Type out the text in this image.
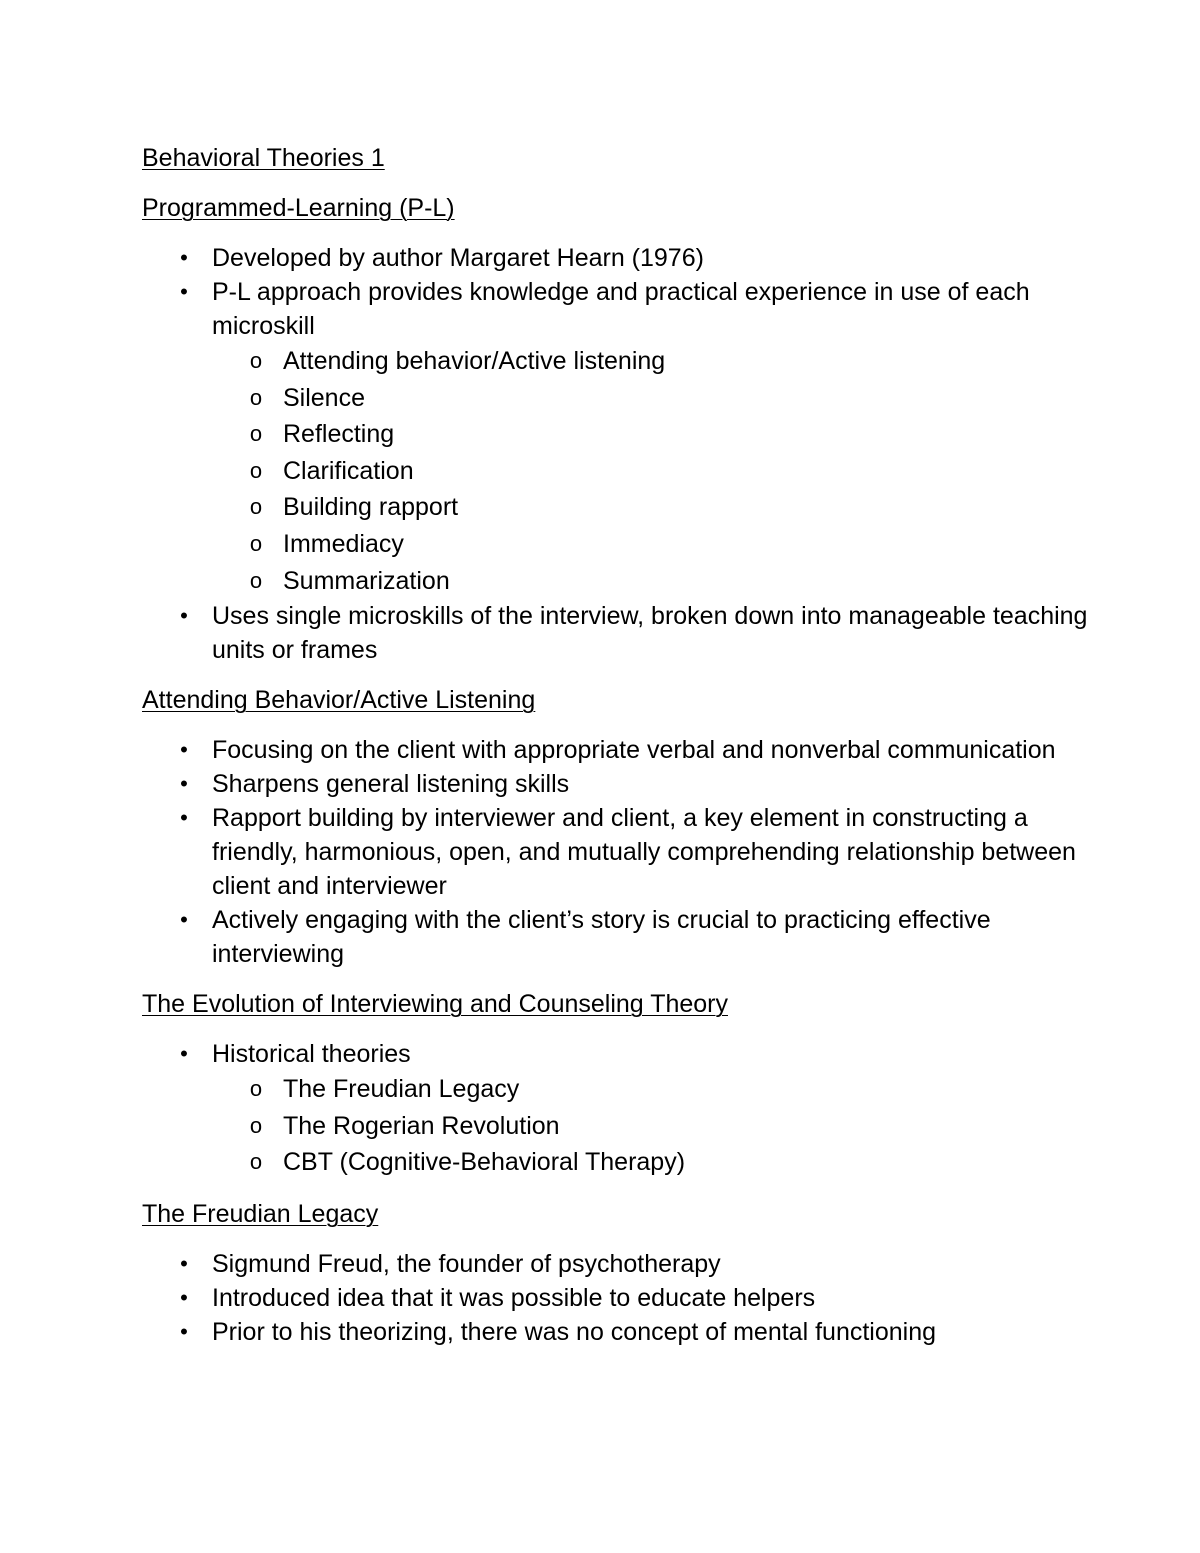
Behavioral Theories 1
Programmed-Learning (P-L)
• Developed by author Margaret Hearn (1976)
• P-L approach provides knowledge and practical experience in use of each microskill
o Attending behavior/Active listening
o Silence
o Reflecting
o Clarification
o Building rapport
o Immediacy
o Summarization
• Uses single microskills of the interview, broken down into manageable teaching units or frames
Attending Behavior/Active Listening
• Focusing on the client with appropriate verbal and nonverbal communication
• Sharpens general listening skills
• Rapport building by interviewer and client, a key element in constructing a friendly, harmonious, open, and mutually comprehending relationship between client and interviewer
• Actively engaging with the client’s story is crucial to practicing effective interviewing
The Evolution of Interviewing and Counseling Theory
• Historical theories
o The Freudian Legacy
o The Rogerian Revolution
o CBT (Cognitive-Behavioral Therapy)
The Freudian Legacy
• Sigmund Freud, the founder of psychotherapy
• Introduced idea that it was possible to educate helpers
• Prior to his theorizing, there was no concept of mental functioning
